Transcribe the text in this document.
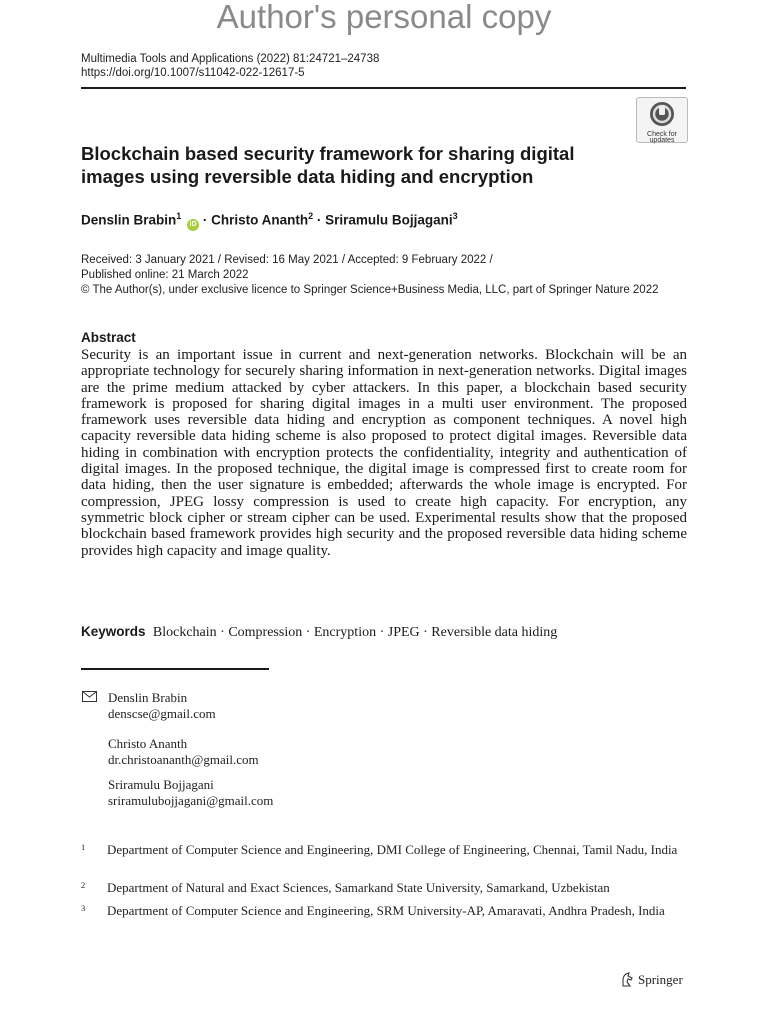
Author's personal copy
Multimedia Tools and Applications (2022) 81:24721–24738
https://doi.org/10.1007/s11042-022-12617-5
Check for
updates
Blockchain based security framework for sharing digital images using reversible data hiding and encryption
Denslin Brabin$^1$ iD · Christo Ananth$^2$ · Sriramulu Bojjagani$^3$
Received: 3 January 2021 / Revised: 16 May 2021 / Accepted: 9 February 2022 /
Published online: 21 March 2022
© The Author(s), under exclusive licence to Springer Science+Business Media, LLC, part of Springer Nature 2022
Abstract
Security is an important issue in current and next-generation networks. Blockchain will be an appropriate technology for securely sharing information in next-generation networks. Digital images are the prime medium attacked by cyber attackers. In this paper, a blockchain based security framework is proposed for sharing digital images in a multi user environment. The proposed framework uses reversible data hiding and encryption as component techniques. A novel high capacity reversible data hiding scheme is also proposed to protect digital images. Reversible data hiding in combination with encryption protects the confidentiality, integrity and authentication of digital images. In the proposed technique, the digital image is compressed first to create room for data hiding, then the user signature is embedded; afterwards the whole image is encrypted. For compression, JPEG lossy compression is used to create high capacity. For encryption, any symmetric block cipher or stream cipher can be used. Experimental results show that the proposed blockchain based framework provides high security and the proposed reversible data hiding scheme provides high capacity and image quality.
Keywords Blockchain · Compression · Encryption · JPEG · Reversible data hiding
Denslin Brabin
denscse@gmail.com
Christo Ananth
dr.christoananth@gmail.com
Sriramulu Bojjagani
sriramulubojjagani@gmail.com
1 Department of Computer Science and Engineering, DMI College of Engineering, Chennai, Tamil Nadu, India
2 Department of Natural and Exact Sciences, Samarkand State University, Samarkand, Uzbekistan
3 Department of Computer Science and Engineering, SRM University-AP, Amaravati, Andhra Pradesh, India
Springer
